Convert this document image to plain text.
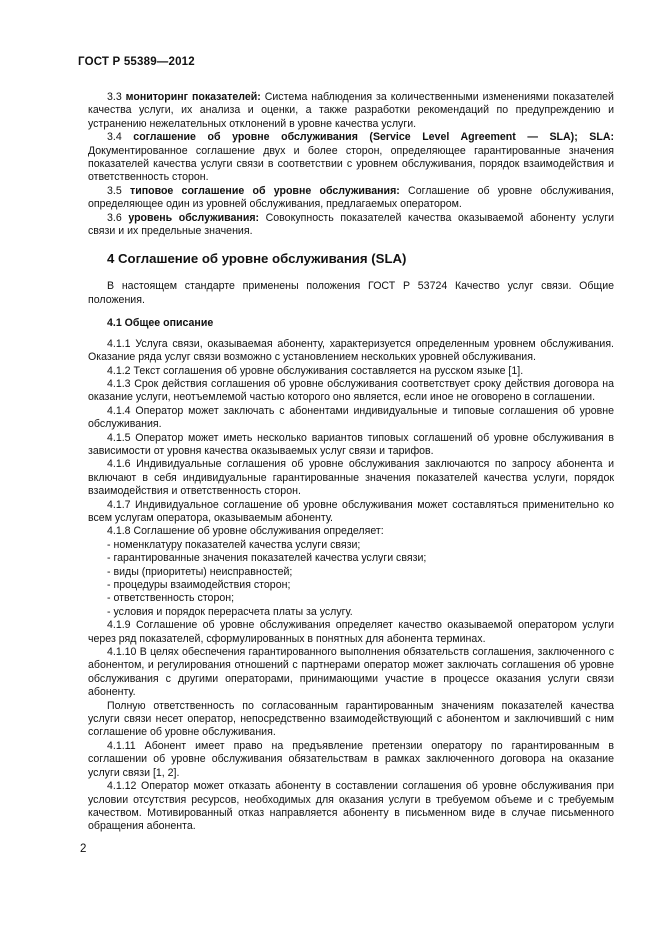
ГОСТ Р 55389—2012

3.3 мониторинг показателей: Система наблюдения за количественными изменениями показателей качества услуги, их анализа и оценки, а также разработки рекомендаций по предупреждению и устранению нежелательных отклонений в уровне качества услуги.

3.4 соглашение об уровне обслуживания (Service Level Agreement — SLA); SLA: Документированное соглашение двух и более сторон, определяющее гарантированные значения показателей качества услуги связи в соответствии с уровнем обслуживания, порядок взаимодействия и ответственность сторон.

3.5 типовое соглашение об уровне обслуживания: Соглашение об уровне обслуживания, определяющее один из уровней обслуживания, предлагаемых оператором.

3.6 уровень обслуживания: Совокупность показателей качества оказываемой абоненту услуги связи и их предельные значения.

4 Соглашение об уровне обслуживания (SLA)

В настоящем стандарте применены положения ГОСТ Р 53724 Качество услуг связи. Общие положения.

4.1 Общее описание

4.1.1 Услуга связи, оказываемая абоненту, характеризуется определенным уровнем обслуживания. Оказание ряда услуг связи возможно с установлением нескольких уровней обслуживания.

4.1.2 Текст соглашения об уровне обслуживания составляется на русском языке [1].

4.1.3 Срок действия соглашения об уровне обслуживания соответствует сроку действия договора на оказание услуги, неотъемлемой частью которого оно является, если иное не оговорено в соглашении.

4.1.4 Оператор может заключать с абонентами индивидуальные и типовые соглашения об уровне обслуживания.

4.1.5 Оператор может иметь несколько вариантов типовых соглашений об уровне обслуживания в зависимости от уровня качества оказываемых услуг связи и тарифов.

4.1.6 Индивидуальные соглашения об уровне обслуживания заключаются по запросу абонента и включают в себя индивидуальные гарантированные значения показателей качества услуги, порядок взаимодействия и ответственность сторон.

4.1.7 Индивидуальное соглашение об уровне обслуживания может составляться применительно ко всем услугам оператора, оказываемым абоненту.

4.1.8 Соглашение об уровне обслуживания определяет:

- номенклатуру показателей качества услуги связи;
- гарантированные значения показателей качества услуги связи;
- виды (приоритеты) неисправностей;
- процедуры взаимодействия сторон;
- ответственность сторон;
- условия и порядок перерасчета платы за услугу.

4.1.9 Соглашение об уровне обслуживания определяет качество оказываемой оператором услуги через ряд показателей, сформулированных в понятных для абонента терминах.

4.1.10 В целях обеспечения гарантированного выполнения обязательств соглашения, заключенного с абонентом, и регулирования отношений с партнерами оператор может заключать соглашения об уровне обслуживания с другими операторами, принимающими участие в процессе оказания услуги связи абоненту.

Полную ответственность по согласованным гарантированным значениям показателей качества услуги связи несет оператор, непосредственно взаимодействующий с абонентом и заключивший с ним соглашение об уровне обслуживания.

4.1.11 Абонент имеет право на предъявление претензии оператору по гарантированным в соглашении об уровне обслуживания обязательствам в рамках заключенного договора на оказание услуги связи [1, 2].

4.1.12 Оператор может отказать абоненту в составлении соглашения об уровне обслуживания при условии отсутствия ресурсов, необходимых для оказания услуги в требуемом объеме и с требуемым качеством. Мотивированный отказ направляется абоненту в письменном виде в случае письменного обращения абонента.

2
